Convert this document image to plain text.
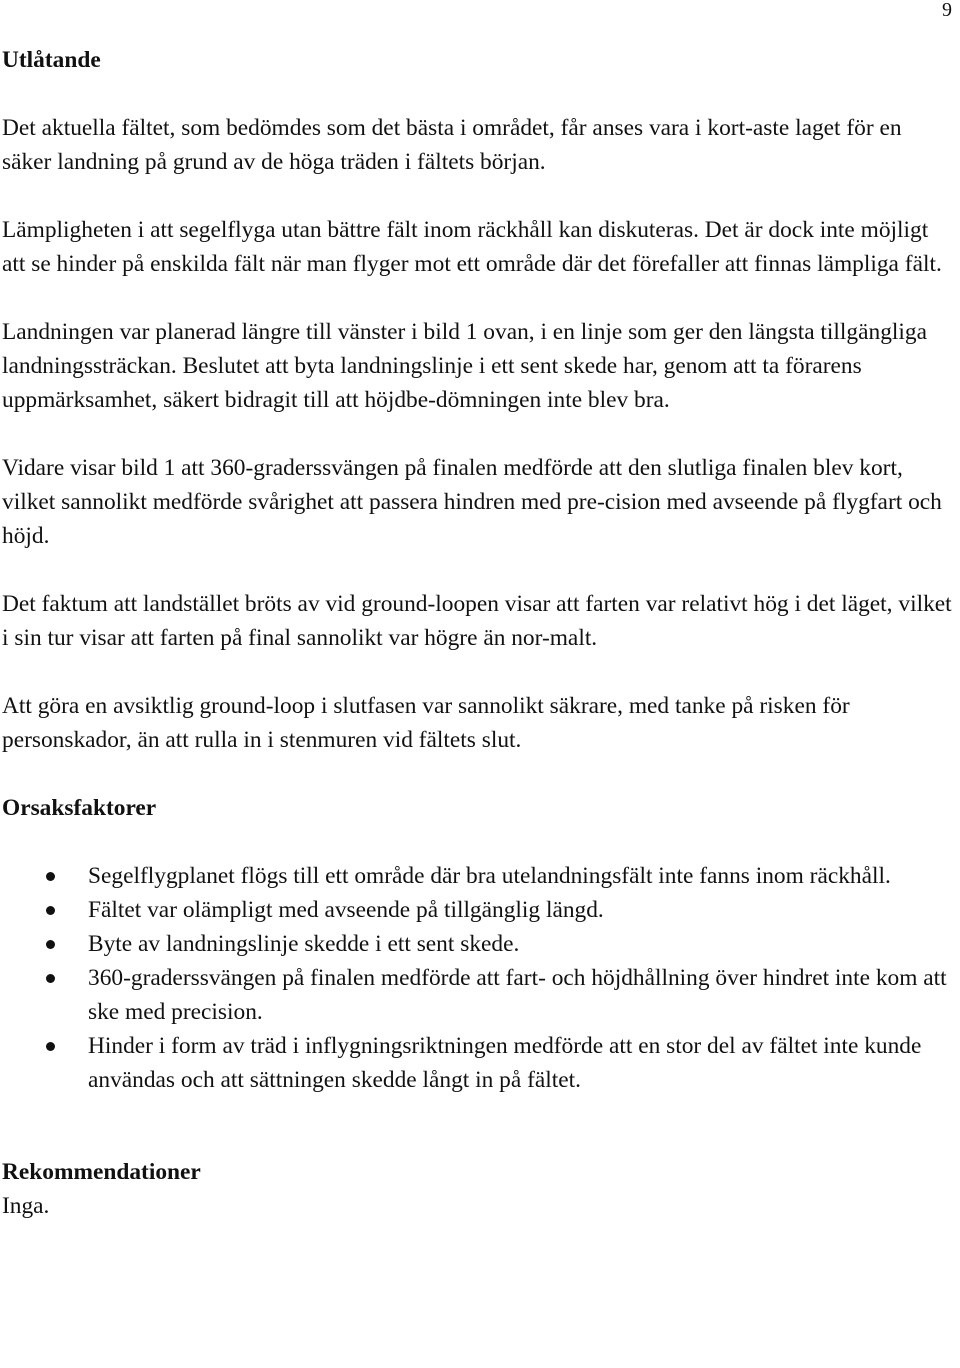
9
Utlåtande

Det aktuella fältet, som bedömdes som det bästa i området, får anses vara i kort-aste laget för en säker landning på grund av de höga träden i fältets början.

Lämpligheten i att segelflyga utan bättre fält inom räckhåll kan diskuteras. Det är dock inte möjligt att se hinder på enskilda fält när man flyger mot ett område där det förefaller att finnas lämpliga fält.

Landningen var planerad längre till vänster i bild 1 ovan, i en linje som ger den längsta tillgängliga landningssträckan. Beslutet att byta landningslinje i ett sent skede har, genom att ta förarens uppmärksamhet, säkert bidragit till att höjdbe-dömningen inte blev bra.

Vidare visar bild 1 att 360-graderssvängen på finalen medförde att den slutliga finalen blev kort, vilket sannolikt medförde svårighet att passera hindren med pre-cision med avseende på flygfart och höjd.

Det faktum att landstället bröts av vid ground-loopen visar att farten var relativt hög i det läget, vilket i sin tur visar att farten på final sannolikt var högre än nor-malt.

Att göra en avsiktlig ground-loop i slutfasen var sannolikt säkrare, med tanke på risken för personskador, än att rulla in i stenmuren vid fältets slut.

Orsaksfaktorer
Segelflygplanet flögs till ett område där bra utelandningsfält inte fanns inom räckhåll.
Fältet var olämpligt med avseende på tillgänglig längd.
Byte av landningslinje skedde i ett sent skede.
360-graderssvängen på finalen medförde att fart- och höjdhållning över hindret inte kom att ske med precision.
Hinder i form av träd i inflygningsriktningen medförde att en stor del av fältet inte kunde användas och att sättningen skedde långt in på fältet.
Rekommendationer

Inga.
